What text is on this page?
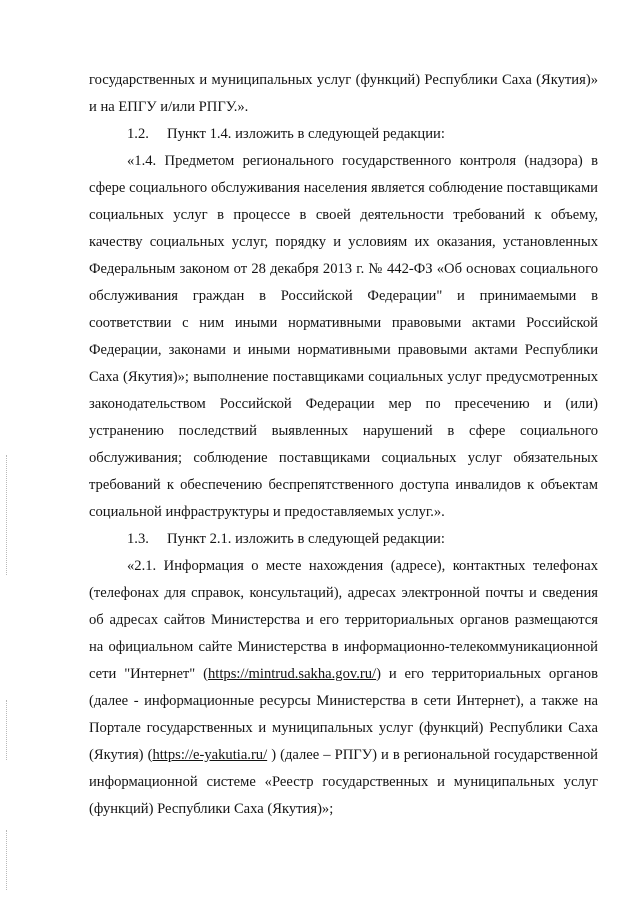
государственных и муниципальных услуг (функций) Республики Саха (Якутия)» и на ЕПГУ и/или РПГУ.».

1.2. Пункт 1.4. изложить в следующей редакции:

«1.4. Предметом регионального государственного контроля (надзора) в сфере социального обслуживания населения является соблюдение поставщиками социальных услуг в процессе в своей деятельности требований к объему, качеству социальных услуг, порядку и условиям их оказания, установленных Федеральным законом от 28 декабря 2013 г. № 442-ФЗ «Об основах социального обслуживания граждан в Российской Федерации" и принимаемыми в соответствии с ним иными нормативными правовыми актами Российской Федерации, законами и иными нормативными правовыми актами Республики Саха (Якутия)»; выполнение поставщиками социальных услуг предусмотренных законодательством Российской Федерации мер по пресечению и (или) устранению последствий выявленных нарушений в сфере социального обслуживания; соблюдение поставщиками социальных услуг обязательных требований к обеспечению беспрепятственного доступа инвалидов к объектам социальной инфраструктуры и предоставляемых услуг.».

1.3. Пункт 2.1. изложить в следующей редакции:

«2.1. Информация о месте нахождения (адресе), контактных телефонах (телефонах для справок, консультаций), адресах электронной почты и сведения об адресах сайтов Министерства и его территориальных органов размещаются на официальном сайте Министерства в информационно-телекоммуникационной сети "Интернет" (https://mintrud.sakha.gov.ru/) и его территориальных органов (далее - информационные ресурсы Министерства в сети Интернет), а также на Портале государственных и муниципальных услуг (функций) Республики Саха (Якутия) (https://e-yakutia.ru/ ) (далее – РПГУ) и в региональной государственной информационной системе «Реестр государственных и муниципальных услуг (функций) Республики Саха (Якутия)»;
